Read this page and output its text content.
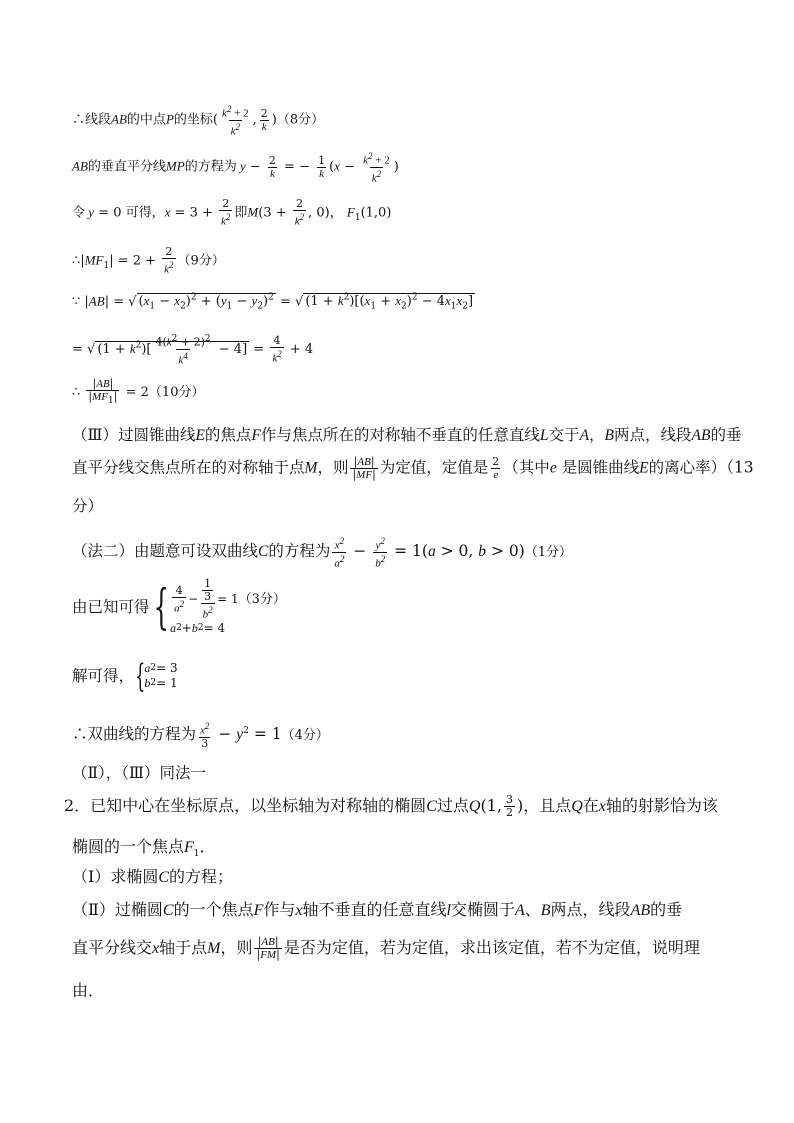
∴线段AB的中点P的坐标( $\frac{k^2 + 2}{k^2}$ , $\frac{2}{k} )(8$分）
AB的垂直平分线MP的方程为 $y - \frac{2}{k}$ = − $\frac{1}{k} (x - \frac{k^2 + 2}{k^2}$ )
令 y = 0 可得，$x = 3 + \frac{2}{k^2}$ 即$M(3 + \frac{2}{k^2}$ , 0)， $F_1(1,0)$
$\therefore|MF_1| = 2 + \frac{2}{k^2} (9$分）
∵ |AB| = √ $(x_1 - x_2)^2 + (y_1 - y_2)^2$ = √ $(1 + k^2)[(x_1 + x_2)^2 - 4x_1x_2]$
= √ $(1 + k^2)[ \frac{4(k^2 + 2)^2}{k^4} - 4] = \frac{4}{k^2} + 4$
∴ $\frac{|AB|}{|MF_1|} = 2(10$分）
（Ⅲ）过圆锥曲线E的焦点F作与焦点所在的对称轴不垂直的任意直线L交于A，B两点，线段AB的垂
直平分线交焦点所在的对称轴于点M，则 $\frac{|AB|}{|MF|}$ 为定值，定值是 $\frac{2}{e}$ （其中e 是圆锥曲线E的离心率）（13
分）
（法二）由题意可设双曲线C的方程为 $\frac{x^2}{a^2} - \frac{y^2}{b^2} = 1(a > 0$, b > 0)（1分）
由已知可得 { $\frac{4}{a^2} - \frac{\frac{1}{3}}{b^2} = 1$ （3分）
a 2 + b 2 = 4
解可得， { a 2 = 3
b 2 = 1
∴双曲线的方程为 $\frac{x^2}{3} - y^2 = 1(4$分）
（Ⅱ），（Ⅲ）同法一
2．已知中心在坐标原点，以坐标轴为对称轴的椭圆C过点Q(1, $\frac{3}{2}$ )，且点Q在x轴的射影恰为该
椭圆的一个焦点$F_1$．
（Ⅰ）求椭圆C的方程；
（Ⅱ）过椭圆C的一个焦点F作与x轴不垂直的任意直线l交椭圆于A、B两点，线段AB的垂
直平分线交x轴于点M，则 $\frac{|AB|}{|FM|}$ 是否为定值，若为定值，求出该定值，若不为定值，说明理
由．
